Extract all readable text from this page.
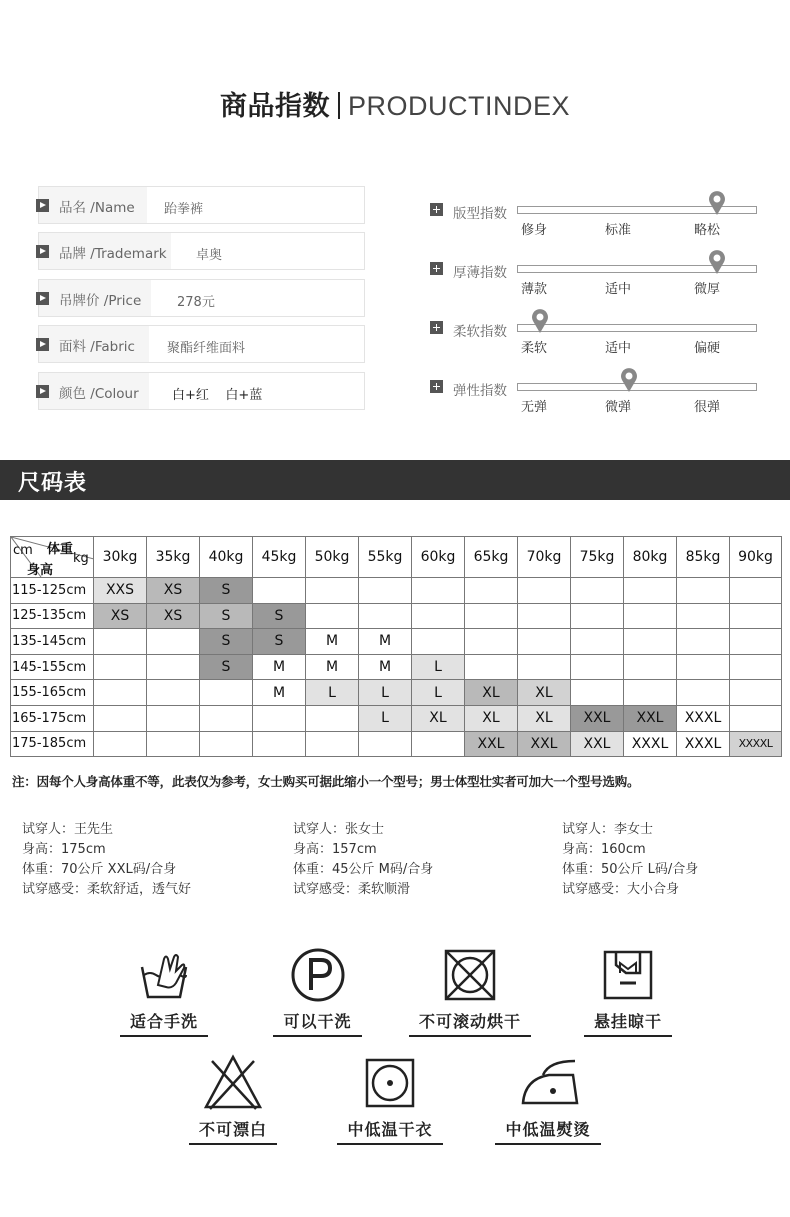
商品指数 PRODUCTINDEX
品名 /Name 跆拳裤
品牌 /Trademark 卓奥
吊牌价 /Price	278元
面料 /Fabric 聚酯纤维面料
颜色 /Colour	白+红    白+蓝
版型指数
修身	标准	略松
厚薄指数
薄款	适中	微厚
柔软指数
柔软	适中	偏硬
弹性指数
无弹	微弹	很弹
尺码表
cm 体重
kg
身高	30kg	35kg	40kg	45kg	50kg	55kg	60kg	65kg	70kg	75kg	80kg	85kg	90kg
115-125cm	XXS	XS	S										
125-135cm	XS	XS	S	S									
135-145cm			S	S	M	M							
145-155cm			S	M	M	M	L						
155-165cm				M	L	L	L	XL	XL				
165-175cm						L	XL	XL	XL	XXL	XXL	XXXL	
175-185cm								XXL	XXL	XXL	XXXL	XXXL	XXXXL
注：因每个人身高体重不等，此表仅为参考，女士购买可据此缩小一个型号；男士体型壮实者可加大一个型号选购。
试穿人：王先生
身高：175cm
体重：70公斤 XXL码/合身
试穿感受：柔软舒适，透气好
试穿人：张女士
身高：157cm
体重：45公斤 M码/合身
试穿感受：柔软顺滑
试穿人：李女士
身高：160cm
体重：50公斤 L码/合身
试穿感受：大小合身
适合手洗	可以干洗	不可滚动烘干	悬挂晾干
不可漂白	中低温干衣	中低温熨烫
